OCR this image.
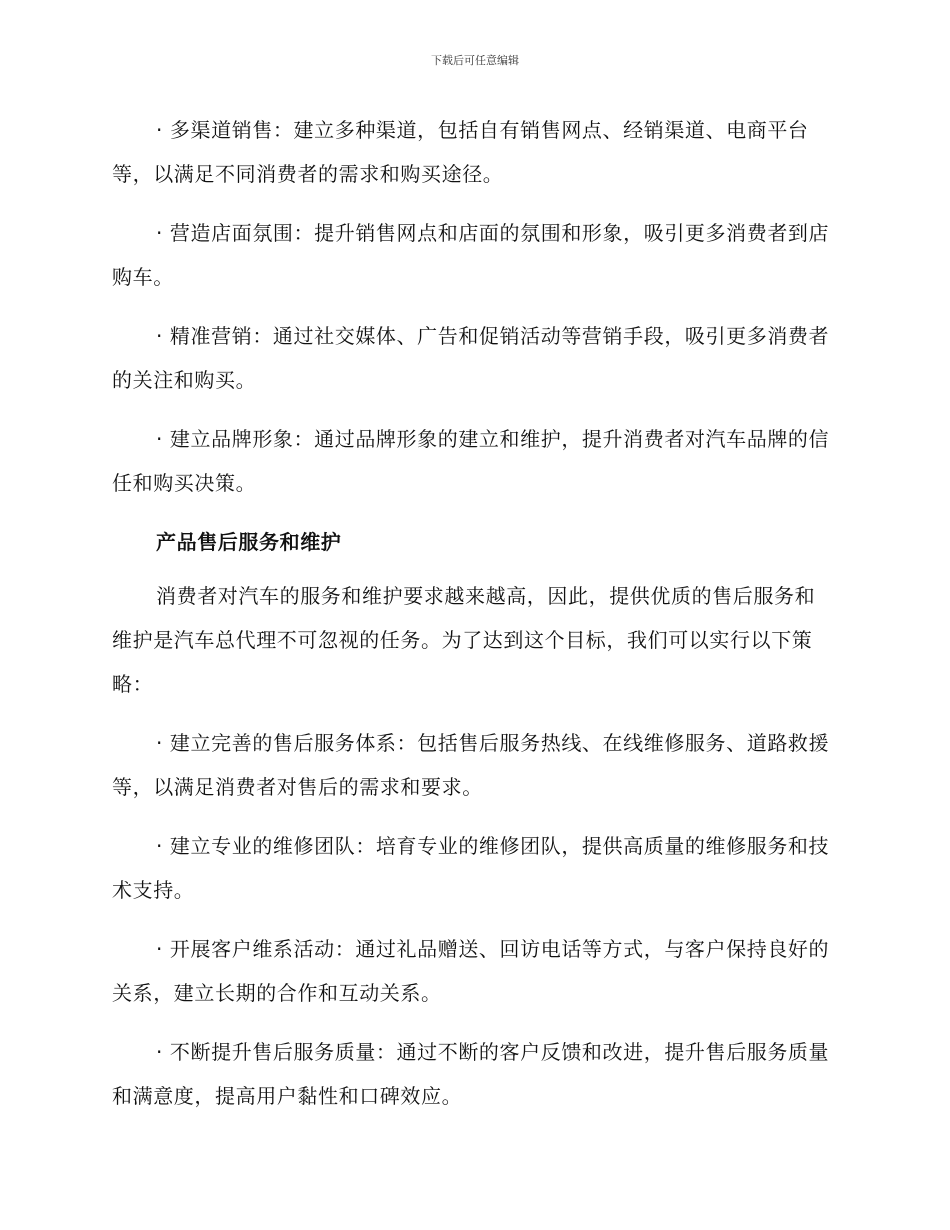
下载后可任意编辑

· 多渠道销售：建立多种渠道，包括自有销售网点、经销渠道、电商平台等，以满足不同消费者的需求和购买途径。

· 营造店面氛围：提升销售网点和店面的氛围和形象，吸引更多消费者到店购车。

· 精准营销：通过社交媒体、广告和促销活动等营销手段，吸引更多消费者的关注和购买。

· 建立品牌形象：通过品牌形象的建立和维护，提升消费者对汽车品牌的信任和购买决策。

产品售后服务和维护

消费者对汽车的服务和维护要求越来越高，因此，提供优质的售后服务和维护是汽车总代理不可忽视的任务。为了达到这个目标，我们可以实行以下策略：

· 建立完善的售后服务体系：包括售后服务热线、在线维修服务、道路救援等，以满足消费者对售后的需求和要求。

· 建立专业的维修团队：培育专业的维修团队，提供高质量的维修服务和技术支持。

· 开展客户维系活动：通过礼品赠送、回访电话等方式，与客户保持良好的关系，建立长期的合作和互动关系。

· 不断提升售后服务质量：通过不断的客户反馈和改进，提升售后服务质量和满意度，提高用户黏性和口碑效应。
